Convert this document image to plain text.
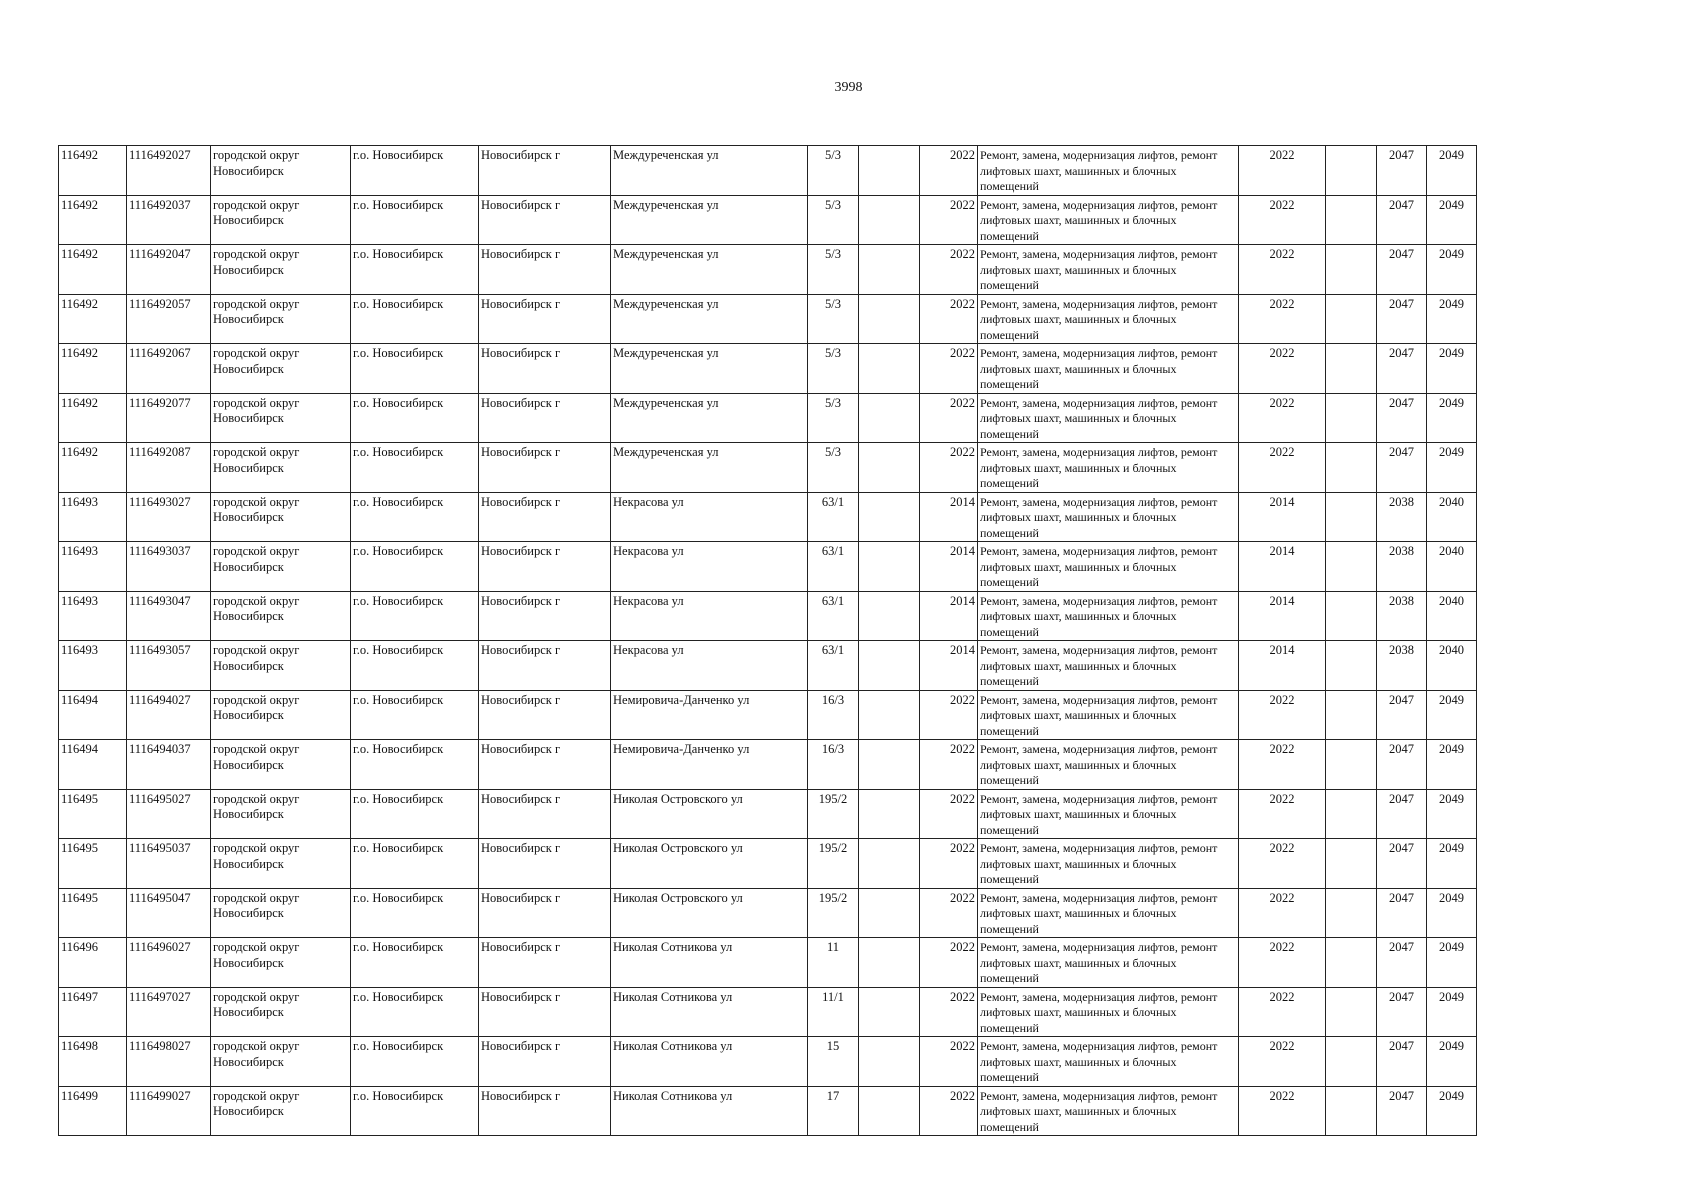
3998
116492	1116492027	городской округ Новосибирск	г.о. Новосибирск	Новосибирск г	Междуреченская ул	5/3		2022	Ремонт, замена, модернизация лифтов, ремонт лифтовых шахт, машинных и блочных помещений	2022		2047	2049
116492	1116492037	городской округ Новосибирск	г.о. Новосибирск	Новосибирск г	Междуреченская ул	5/3		2022	Ремонт, замена, модернизация лифтов, ремонт лифтовых шахт, машинных и блочных помещений	2022		2047	2049
116492	1116492047	городской округ Новосибирск	г.о. Новосибирск	Новосибирск г	Междуреченская ул	5/3		2022	Ремонт, замена, модернизация лифтов, ремонт лифтовых шахт, машинных и блочных помещений	2022		2047	2049
116492	1116492057	городской округ Новосибирск	г.о. Новосибирск	Новосибирск г	Междуреченская ул	5/3		2022	Ремонт, замена, модернизация лифтов, ремонт лифтовых шахт, машинных и блочных помещений	2022		2047	2049
116492	1116492067	городской округ Новосибирск	г.о. Новосибирск	Новосибирск г	Междуреченская ул	5/3		2022	Ремонт, замена, модернизация лифтов, ремонт лифтовых шахт, машинных и блочных помещений	2022		2047	2049
116492	1116492077	городской округ Новосибирск	г.о. Новосибирск	Новосибирск г	Междуреченская ул	5/3		2022	Ремонт, замена, модернизация лифтов, ремонт лифтовых шахт, машинных и блочных помещений	2022		2047	2049
116492	1116492087	городской округ Новосибирск	г.о. Новосибирск	Новосибирск г	Междуреченская ул	5/3		2022	Ремонт, замена, модернизация лифтов, ремонт лифтовых шахт, машинных и блочных помещений	2022		2047	2049
116493	1116493027	городской округ Новосибирск	г.о. Новосибирск	Новосибирск г	Некрасова ул	63/1		2014	Ремонт, замена, модернизация лифтов, ремонт лифтовых шахт, машинных и блочных помещений	2014		2038	2040
116493	1116493037	городской округ Новосибирск	г.о. Новосибирск	Новосибирск г	Некрасова ул	63/1		2014	Ремонт, замена, модернизация лифтов, ремонт лифтовых шахт, машинных и блочных помещений	2014		2038	2040
116493	1116493047	городской округ Новосибирск	г.о. Новосибирск	Новосибирск г	Некрасова ул	63/1		2014	Ремонт, замена, модернизация лифтов, ремонт лифтовых шахт, машинных и блочных помещений	2014		2038	2040
116493	1116493057	городской округ Новосибирск	г.о. Новосибирск	Новосибирск г	Некрасова ул	63/1		2014	Ремонт, замена, модернизация лифтов, ремонт лифтовых шахт, машинных и блочных помещений	2014		2038	2040
116494	1116494027	городской округ Новосибирск	г.о. Новосибирск	Новосибирск г	Немировича-Данченко ул	16/3		2022	Ремонт, замена, модернизация лифтов, ремонт лифтовых шахт, машинных и блочных помещений	2022		2047	2049
116494	1116494037	городской округ Новосибирск	г.о. Новосибирск	Новосибирск г	Немировича-Данченко ул	16/3		2022	Ремонт, замена, модернизация лифтов, ремонт лифтовых шахт, машинных и блочных помещений	2022		2047	2049
116495	1116495027	городской округ Новосибирск	г.о. Новосибирск	Новосибирск г	Николая Островского ул	195/2		2022	Ремонт, замена, модернизация лифтов, ремонт лифтовых шахт, машинных и блочных помещений	2022		2047	2049
116495	1116495037	городской округ Новосибирск	г.о. Новосибирск	Новосибирск г	Николая Островского ул	195/2		2022	Ремонт, замена, модернизация лифтов, ремонт лифтовых шахт, машинных и блочных помещений	2022		2047	2049
116495	1116495047	городской округ Новосибирск	г.о. Новосибирск	Новосибирск г	Николая Островского ул	195/2		2022	Ремонт, замена, модернизация лифтов, ремонт лифтовых шахт, машинных и блочных помещений	2022		2047	2049
116496	1116496027	городской округ Новосибирск	г.о. Новосибирск	Новосибирск г	Николая Сотникова ул	11		2022	Ремонт, замена, модернизация лифтов, ремонт лифтовых шахт, машинных и блочных помещений	2022		2047	2049
116497	1116497027	городской округ Новосибирск	г.о. Новосибирск	Новосибирск г	Николая Сотникова ул	11/1		2022	Ремонт, замена, модернизация лифтов, ремонт лифтовых шахт, машинных и блочных помещений	2022		2047	2049
116498	1116498027	городской округ Новосибирск	г.о. Новосибирск	Новосибирск г	Николая Сотникова ул	15		2022	Ремонт, замена, модернизация лифтов, ремонт лифтовых шахт, машинных и блочных помещений	2022		2047	2049
116499	1116499027	городской округ Новосибирск	г.о. Новосибирск	Новосибирск г	Николая Сотникова ул	17		2022	Ремонт, замена, модернизация лифтов, ремонт лифтовых шахт, машинных и блочных помещений	2022		2047	2049
